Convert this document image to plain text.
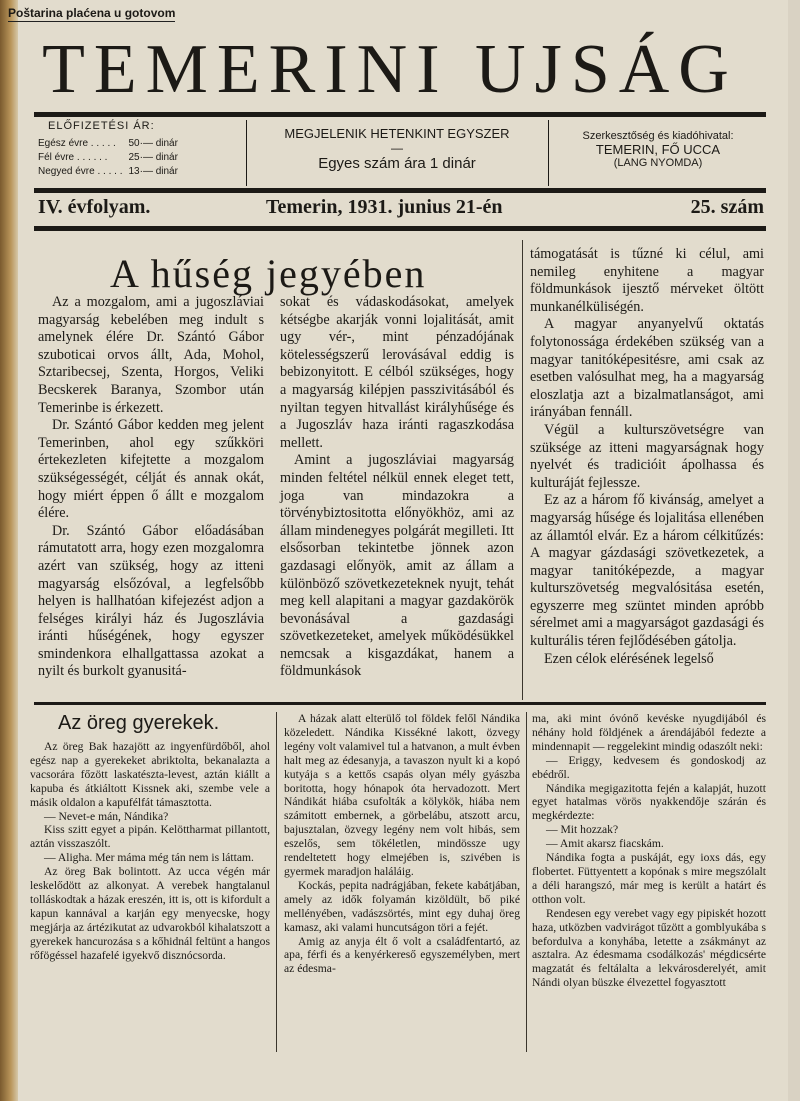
Poštarina plaćena u gotovom
TEMERINI UJSÁG
ELŐFIZETÉSI ÁR:
Egész évre . . . . .	50·— dinár
Fél évre . . . . . .	25·— dinár
Negyed évre . . . . .	13·— dinár
MEGJELENIK HETENKINT EGYSZER
—
Egyes szám ára 1 dinár
Szerkesztőség és kiadóhivatal:
TEMERIN, FŐ UCCA
(LANG NYOMDA)
IV. évfolyam.	Temerin, 1931. junius 21-én	25. szám
A hűség jegyében

Az a mozgalom, ami a jugoszláviai magyarság kebelében meg indult s amelynek élére Dr. Szántó Gábor szuboticai orvos állt, Ada, Mohol, Sztaribecsej, Szenta, Horgos, Veliki Becskerek Baranya, Szombor után Temerinbe is érkezett.

Dr. Szántó Gábor kedden meg jelent Temerinben, ahol egy szűkköri értekezleten kifejtette a mozgalom szükségességét, célját és annak okát, hogy miért éppen ő állt e mozgalom élére.

Dr. Szántó Gábor előadásában rámutatott arra, hogy ezen mozgalomra azért van szükség, hogy az itteni magyarság elsőzóval, a legfelsőbb helyen is hallhatóan kifejezést adjon a felséges királyi ház és Jugoszlávia iránti hűségének, hogy egyszer smindenkora elhallgattassa azokat a nyilt és burkolt gyanusitá-

sokat és vádaskodásokat, amelyek kétségbe akarják vonni lojalitását, amit ugy vér-, mint pénzadójának kötelességszerű lerovásával eddig is bebizonyitott. E célból szükséges, hogy a magyarság kilépjen passzivitásából és nyiltan tegyen hitvallást királyhűsége és a Jugoszláv haza iránti ragaszkodása mellett.

Amint a jugoszláviai magyarság minden feltétel nélkül ennek eleget tett, joga van mindazokra a törvénybiztositotta előnyökhöz, ami az állam mindenegyes polgárát megilleti. Itt elsősorban tekintetbe jönnek azon gazdasagi előnyök, amit az állam a különböző szövetkezeteknek nyujt, tehát meg kell alapitani a magyar gazdakörök bevonásával a gazdasági szövetkezeteket, amelyek működésükkel nemcsak a kisgazdákat, hanem a földmunkások

támogatását is tűzné ki célul, ami nemileg enyhitene a magyar földmunkások ijesztő mérveket öltött munkanélküliségén.

A magyar anyanyelvű oktatás folytonossága érdekében szükség van a magyar tanitóképesitésre, ami csak az esetben valósulhat meg, ha a magyarság eloszlatja azt a bizalmatlanságot, ami irányában fennáll.

Végül a kulturszövetségre van szüksége az itteni magyarságnak hogy nyelvét és tradicióit ápolhassa és kulturáját fejlessze.

Ez az a három fő kivánság, amelyet a magyarság hűsége és lojalitása ellenében az államtól elvár. Ez a három célkitűzés: A magyar gázdasági szövetkezetek, a magyar tanitóképezde, a magyar kulturszövetség megvalósitása esetén, egyszerre meg szüntet minden apróbb sérelmet ami a magyarságot gazdasági és kulturális téren fejlődésében gátolja.

Ezen célok elérésének legelső

Az öreg gyerekek.

Az öreg Bak hazajött az ingyenfürdőből, ahol egész nap a gyerekeket abriktolta, bekanalazta a vacsorára főzött laskatészta-levest, aztán kiállt a kapuba és átkiáltott Kissnek aki, szembe vele a másik oldalon a kapufélfát támasztotta.

— Nevet-e mán, Nándika?

Kiss szitt egyet a pipán. Kelöttharmat pillantott, aztán visszaszólt.

— Aligha. Mer máma még tán nem is láttam.

Az öreg Bak bolintott. Az ucca végén már leskelődött az alkonyat. A verebek hangtalanul tolláskodtak a házak ereszén, itt is, ott is kifordult a kapun kannával a karján egy menyecske, hogy megjárja az ártézikutat az udvarokból kihalatszott a gyerekek hancurozása s a kőhidnál feltünt a hangos rőfögéssel hazafelé igyekvő disznócsorda.

A házak alatt elterülő tol földek felől Nándika közeledett. Nándika Kissékné lakott, özvegy legény volt valamivel tul a hatvanon, a mult évben halt meg az édesanyja, a tavaszon nyult ki a kopó kutyája s a kettős csapás olyan mély gyászba boritotta, hogy hónapok óta hervadozott. Mert Nándikát hiába csufolták a kölykök, hiába nem számitott embernek, a görbelábu, atszott arcu, bajusztalan, özvegy legény nem volt hibás, sem eszelős, sem tökéletlen, mindössze ugy rendeltetett hogy elmejében is, szivében is gyermek maradjon haláláig.

Kockás, pepita nadrágjában, fekete kabátjában, amely az idők folyamán kizöldült, bő piké mellényében, vadászsörtés, mint egy duhaj öreg kamasz, aki valami huncutságon töri a fejét.

Amig az anyja élt ő volt a családfentartó, az apa, férfi és a kenyérkereső egyszemélyben, mert az édesma-

ma, aki mint óvónő kevéske nyugdijából és néhány hold földjének a árendájából fedezte a mindennapit — reggelekint mindig odaszólt neki:

— Eriggy, kedvesem és gondoskodj az ebédről.

Nándika megigazitotta fején a kalapját, huzott egyet hatalmas vörös nyakkendője szárán és megkérdezte:

— Mit hozzak?

— Amit akarsz fiacskám.

Nándika fogta a puskáját, egy ioxs dás, egy flobertet. Füttyentett a kopónak s mire megszólalt a déli harangszó, már meg is került a határt és otthon volt.

Rendesen egy verebet vagy egy pipiskét hozott haza, utközben vadvirágot tűzött a gomblyukába s befordulva a konyhába, letette a zsákmányt az asztalra. Az édesmama csodálkozás' mégdicsérte magzatát és feltálalta a lekvárosderelyét, amit Nándi olyan büszke élvezettel fogyasztott
